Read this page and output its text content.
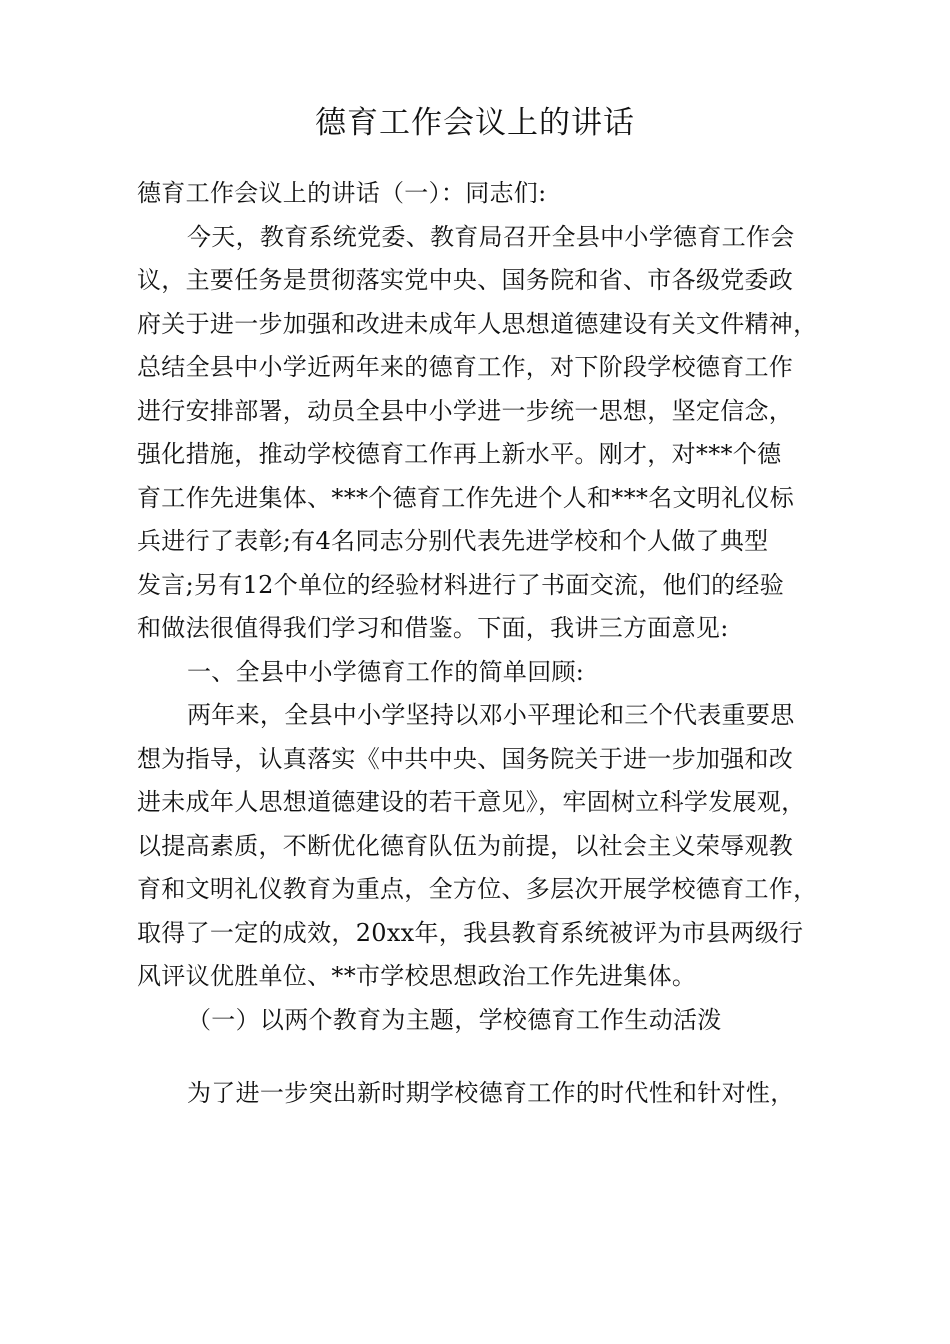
德育工作会议上的讲话
德育工作会议上的讲话（一）：同志们:
今天，教育系统党委、教育局召开全县中小学德育工作会
议，主要任务是贯彻落实党中央、国务院和省、市各级党委政
府关于进一步加强和改进未成年人思想道德建设有关文件精神，
总结全县中小学近两年来的德育工作，对下阶段学校德育工作
进行安排部署，动员全县中小学进一步统一思想，坚定信念，
强化措施，推动学校德育工作再上新水平。刚才，对***个德
育工作先进集体、***个德育工作先进个人和***名文明礼仪标
兵进行了表彰;有4名同志分别代表先进学校和个人做了典型
发言;另有12个单位的经验材料进行了书面交流，他们的经验
和做法很值得我们学习和借鉴。下面，我讲三方面意见:
一、全县中小学德育工作的简单回顾:
两年来，全县中小学坚持以邓小平理论和三个代表重要思
想为指导，认真落实《中共中央、国务院关于进一步加强和改
进未成年人思想道德建设的若干意见》，牢固树立科学发展观，
以提高素质，不断优化德育队伍为前提，以社会主义荣辱观教
育和文明礼仪教育为重点，全方位、多层次开展学校德育工作，
取得了一定的成效，20xx年，我县教育系统被评为市县两级行
风评议优胜单位、**市学校思想政治工作先进集体。
（一）以两个教育为主题，学校德育工作生动活泼
为了进一步突出新时期学校德育工作的时代性和针对性，
